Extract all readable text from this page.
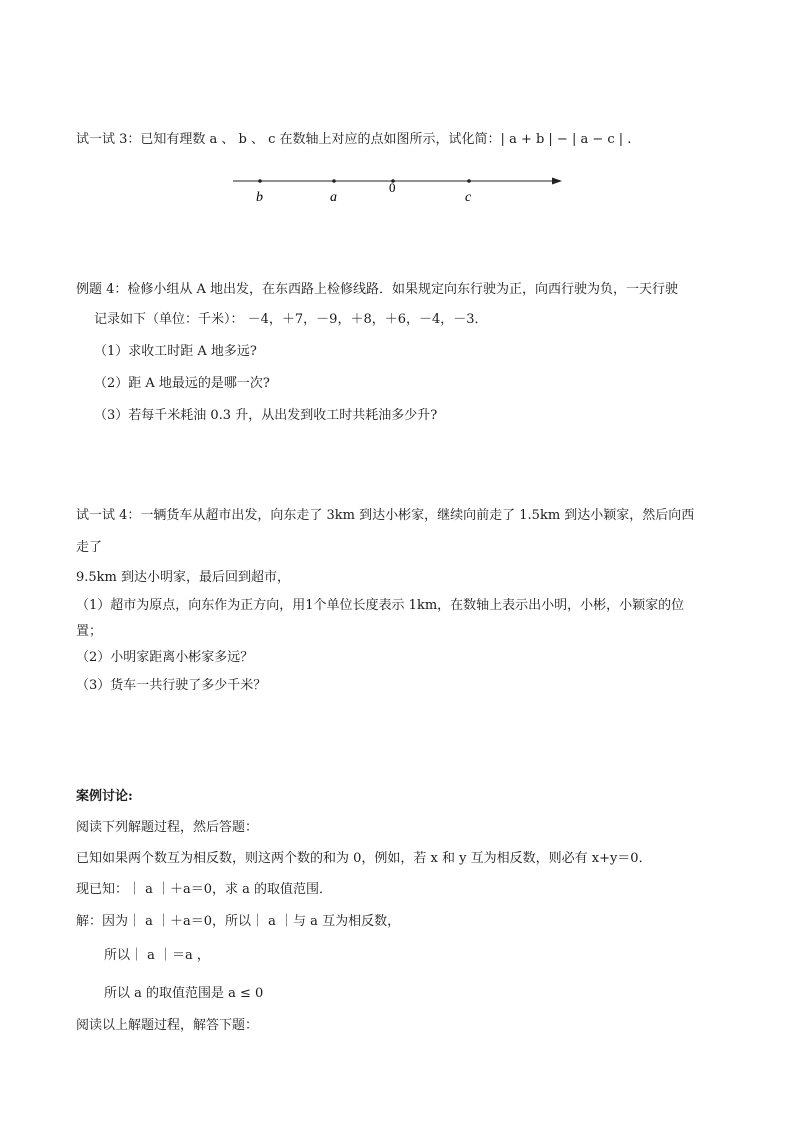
试一试 3：已知有理数 a 、 b 、 c 在数轴上对应的点如图所示，试化简：| a + b | − | a − c | .
b	a
0
c
例题 4：检修小组从 A 地出发，在东西路上检修线路．如果规定向东行驶为正，向西行驶为负，一天行驶
记录如下（单位：千米）： －4，＋7，－9，＋8，＋6，－4，－3．
（1）求收工时距 A 地多远?
（2）距 A 地最远的是哪一次?
（3）若每千米耗油 0.3 升，从出发到收工时共耗油多少升?
试一试 4：一辆货车从超市出发，向东走了 3km 到达小彬家，继续向前走了 1.5km 到达小颖家，然后向西
走了
9.5km 到达小明家，最后回到超市，
（1）超市为原点，向东作为正方向，用1个单位长度表示 1km，在数轴上表示出小明，小彬，小颖家的位
置；
（2）小明家距离小彬家多远？
（3）货车一共行驶了多少千米？
案例讨论:
阅读下列解题过程，然后答题：
已知如果两个数互为相反数，则这两个数的和为 0，例如，若 x 和 y 互为相反数，则必有 x+y＝0．
现已知：｜ a ｜＋a＝0，求 a 的取值范围．
解：因为｜ a ｜＋a＝0，所以｜ a ｜与 a 互为相反数，
所以｜ a ｜＝a ，
所以 a 的取值范围是 a ≤ 0
阅读以上解题过程，解答下题：
